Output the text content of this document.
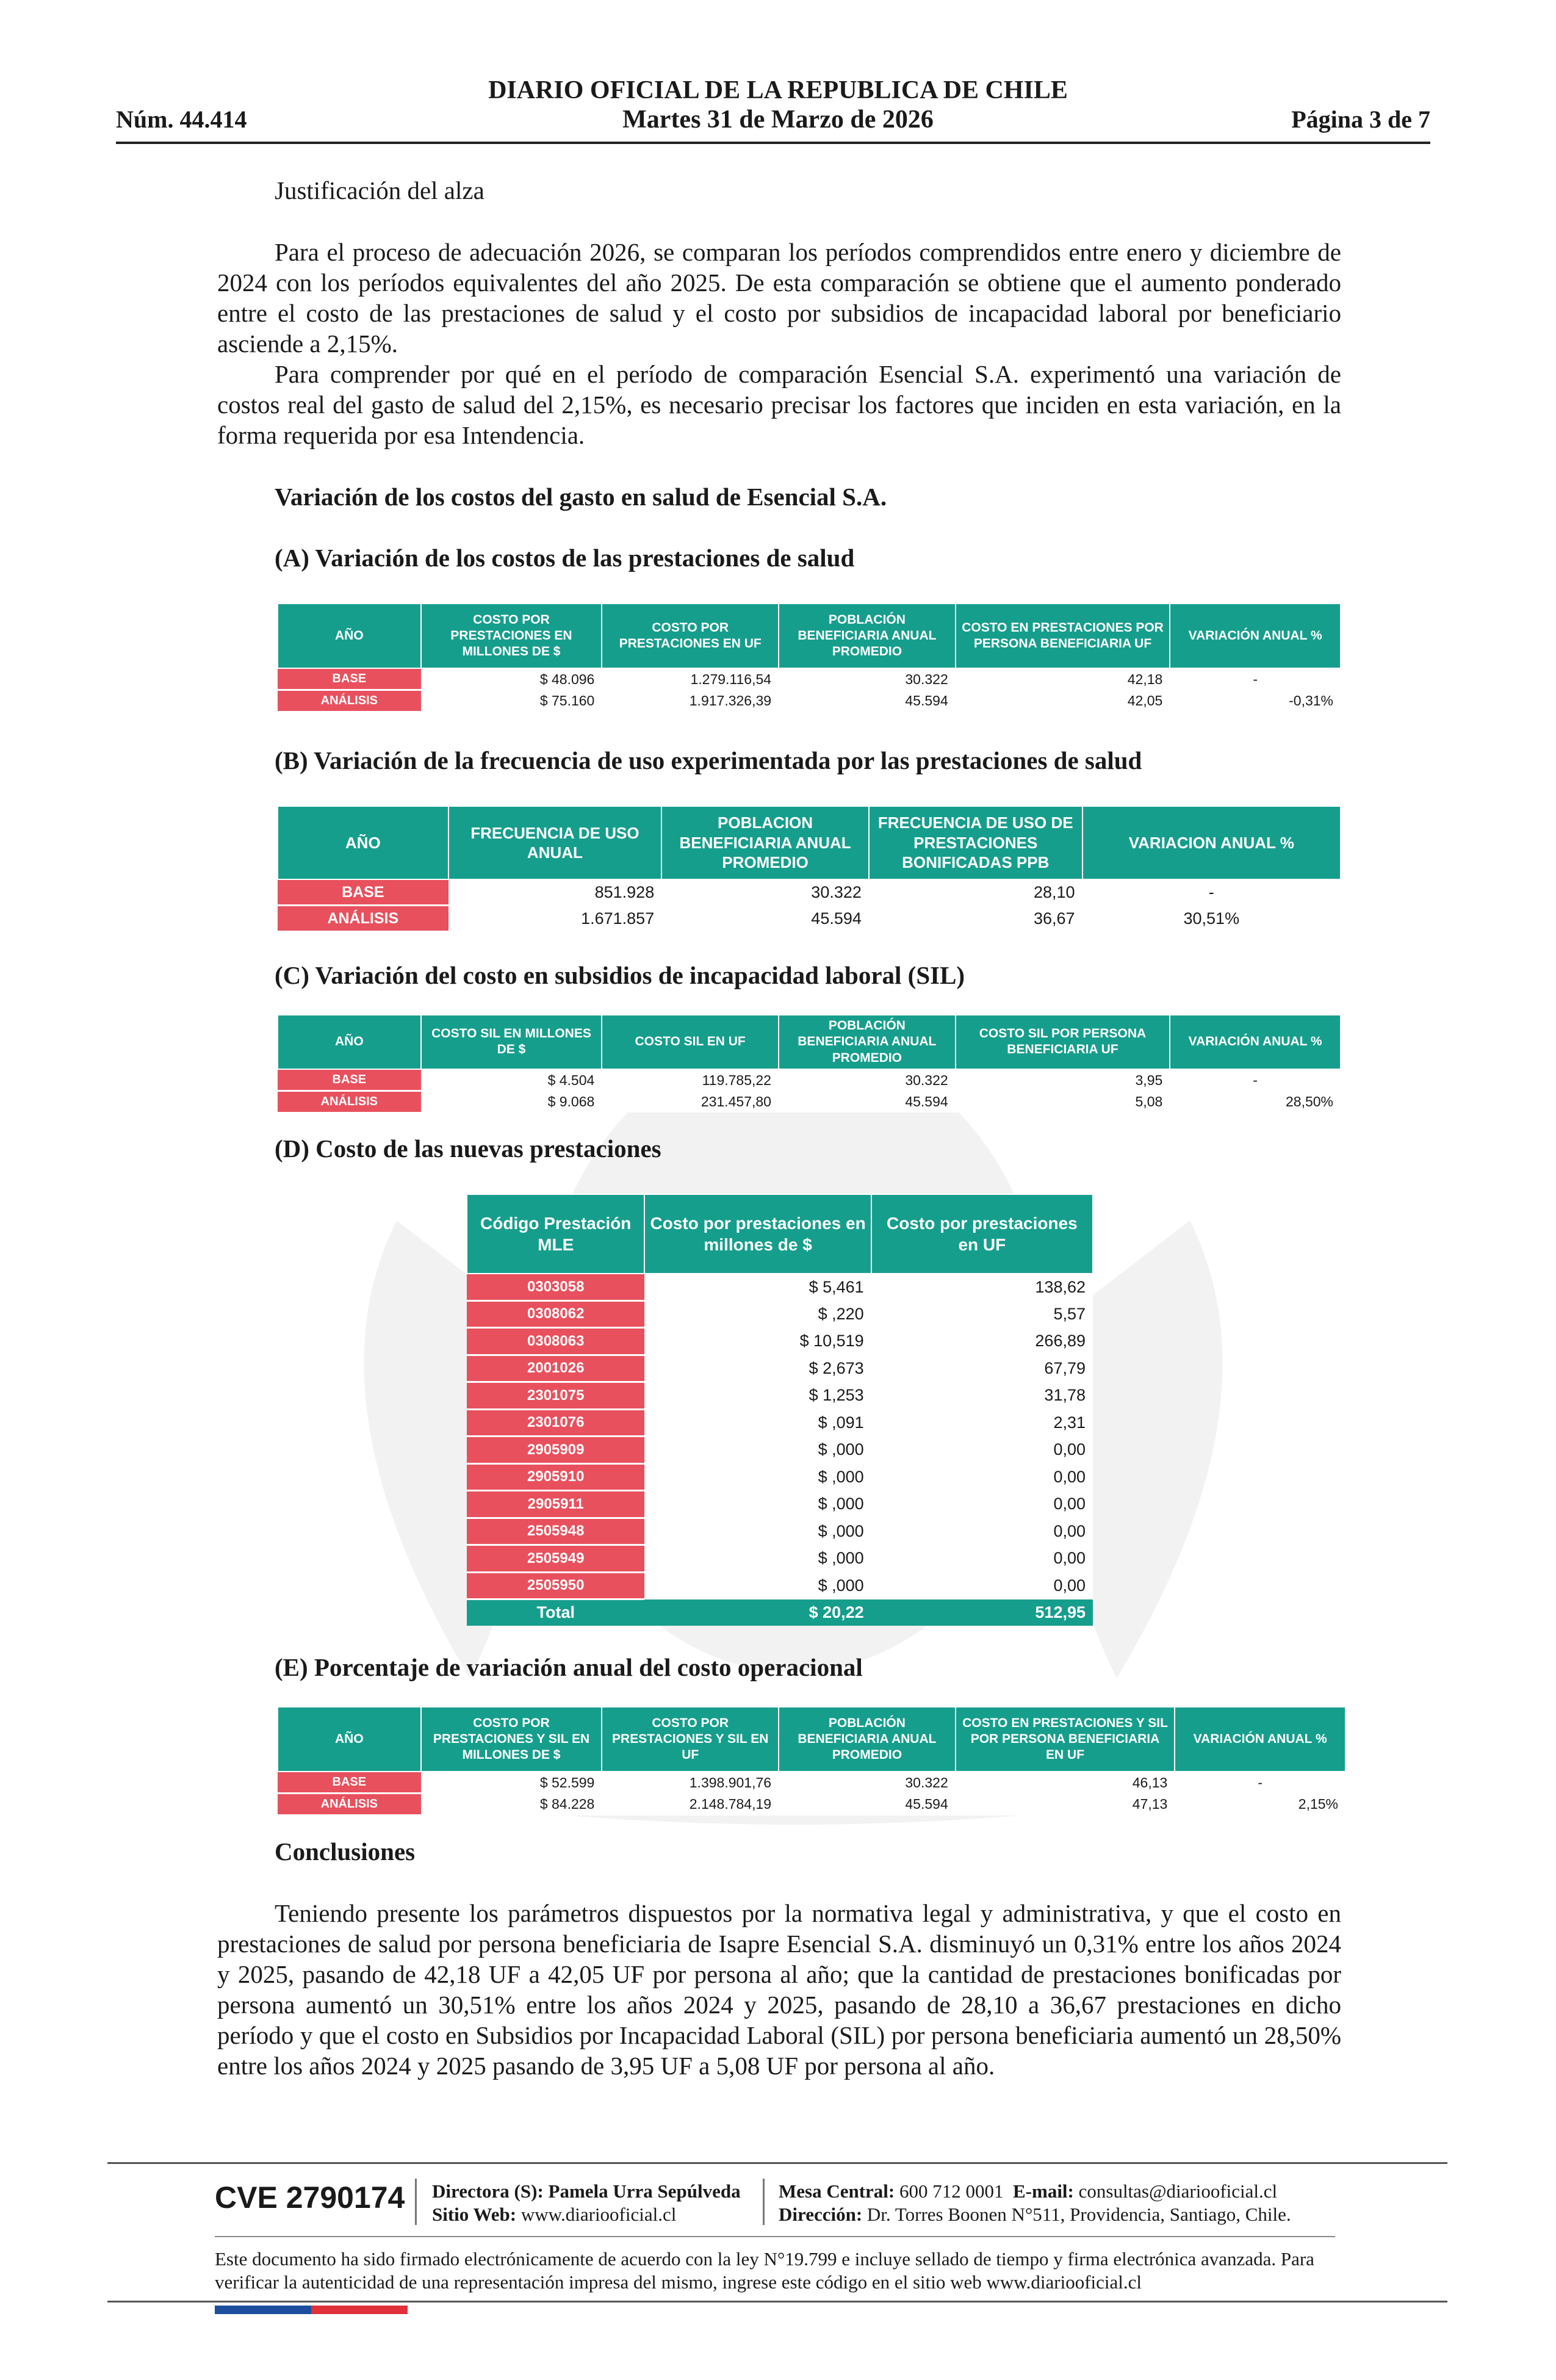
Núm. 44.414
DIARIO OFICIAL DE LA REPUBLICA DE CHILE
Martes 31 de Marzo de 2026	Página 3 de 7
Justificación del alza

Para el proceso de adecuación 2026, se comparan los períodos comprendidos entre enero y diciembre de 2024 con los períodos equivalentes del año 2025. De esta comparación se obtiene que el aumento ponderado entre el costo de las prestaciones de salud y el costo por subsidios de incapacidad laboral por beneficiario asciende a 2,15%.

Para comprender por qué en el período de comparación Esencial S.A. experimentó una variación de costos real del gasto de salud del 2,15%, es necesario precisar los factores que inciden en esta variación, en la forma requerida por esa Intendencia.

Variación de los costos del gasto en salud de Esencial S.A.
(A) Variación de los costos de las prestaciones de salud
AÑO	COSTO POR PRESTACIONES EN MILLONES DE $	COSTO POR PRESTACIONES EN UF	POBLACIÓN BENEFICIARIA ANUAL PROMEDIO	COSTO EN PRESTACIONES POR PERSONA BENEFICIARIA UF	VARIACIÓN ANUAL %
BASE	$ 48.096	1.279.116,54	30.322	42,18	-
ANÁLISIS	$ 75.160	1.917.326,39	45.594	42,05	-0,31%
(B) Variación de la frecuencia de uso experimentada por las prestaciones de salud
AÑO	FRECUENCIA DE USO ANUAL	POBLACION BENEFICIARIA ANUAL PROMEDIO	FRECUENCIA DE USO DE PRESTACIONES BONIFICADAS PPB	VARIACION ANUAL %
BASE	851.928	30.322	28,10	-
ANÁLISIS	1.671.857	45.594	36,67	30,51%
(C) Variación del costo en subsidios de incapacidad laboral (SIL)
AÑO	COSTO SIL EN MILLONES DE $	COSTO SIL EN UF	POBLACIÓN BENEFICIARIA ANUAL PROMEDIO	COSTO SIL POR PERSONA BENEFICIARIA UF	VARIACIÓN ANUAL %
BASE	$ 4.504	119.785,22	30.322	3,95	-
ANÁLISIS	$ 9.068	231.457,80	45.594	5,08	28,50%
(D) Costo de las nuevas prestaciones
Código Prestación MLE	Costo por prestaciones en millones de $	Costo por prestaciones en UF
0303058	$ 5,461	138,62
0308062	$ ,220	5,57
0308063	$ 10,519	266,89
2001026	$ 2,673	67,79
2301075	$ 1,253	31,78
2301076	$ ,091	2,31
2905909	$ ,000	0,00
2905910	$ ,000	0,00
2905911	$ ,000	0,00
2505948	$ ,000	0,00
2505949	$ ,000	0,00
2505950	$ ,000	0,00
Total	$ 20,22	512,95
(E) Porcentaje de variación anual del costo operacional
AÑO	COSTO POR PRESTACIONES Y SIL EN MILLONES DE $	COSTO POR PRESTACIONES Y SIL EN UF	POBLACIÓN BENEFICIARIA ANUAL PROMEDIO	COSTO EN PRESTACIONES Y SIL POR PERSONA BENEFICIARIA EN UF	VARIACIÓN ANUAL %
BASE	$ 52.599	1.398.901,76	30.322	46,13	-
ANÁLISIS	$ 84.228	2.148.784,19	45.594	47,13	2,15%
Conclusiones

Teniendo presente los parámetros dispuestos por la normativa legal y administrativa, y que el costo en prestaciones de salud por persona beneficiaria de Isapre Esencial S.A. disminuyó un 0,31% entre los años 2024 y 2025, pasando de 42,18 UF a 42,05 UF por persona al año; que la cantidad de prestaciones bonificadas por persona aumentó un 30,51% entre los años 2024 y 2025, pasando de 28,10 a 36,67 prestaciones en dicho período y que el costo en Subsidios por Incapacidad Laboral (SIL) por persona beneficiaria aumentó un 28,50% entre los años 2024 y 2025 pasando de 3,95 UF a 5,08 UF por persona al año.

CVE 2790174 Directora (S): Pamela Urra Sepúlveda
Sitio Web: www.diariooficial.cl
Mesa Central: 600 712 0001 E-mail: consultas@diariooficial.cl
Dirección: Dr. Torres Boonen N°511, Providencia, Santiago, Chile.
Este documento ha sido firmado electrónicamente de acuerdo con la ley N°19.799 e incluye sellado de tiempo y firma electrónica avanzada. Para verificar la autenticidad de una representación impresa del mismo, ingrese este código en el sitio web www.diariooficial.cl
